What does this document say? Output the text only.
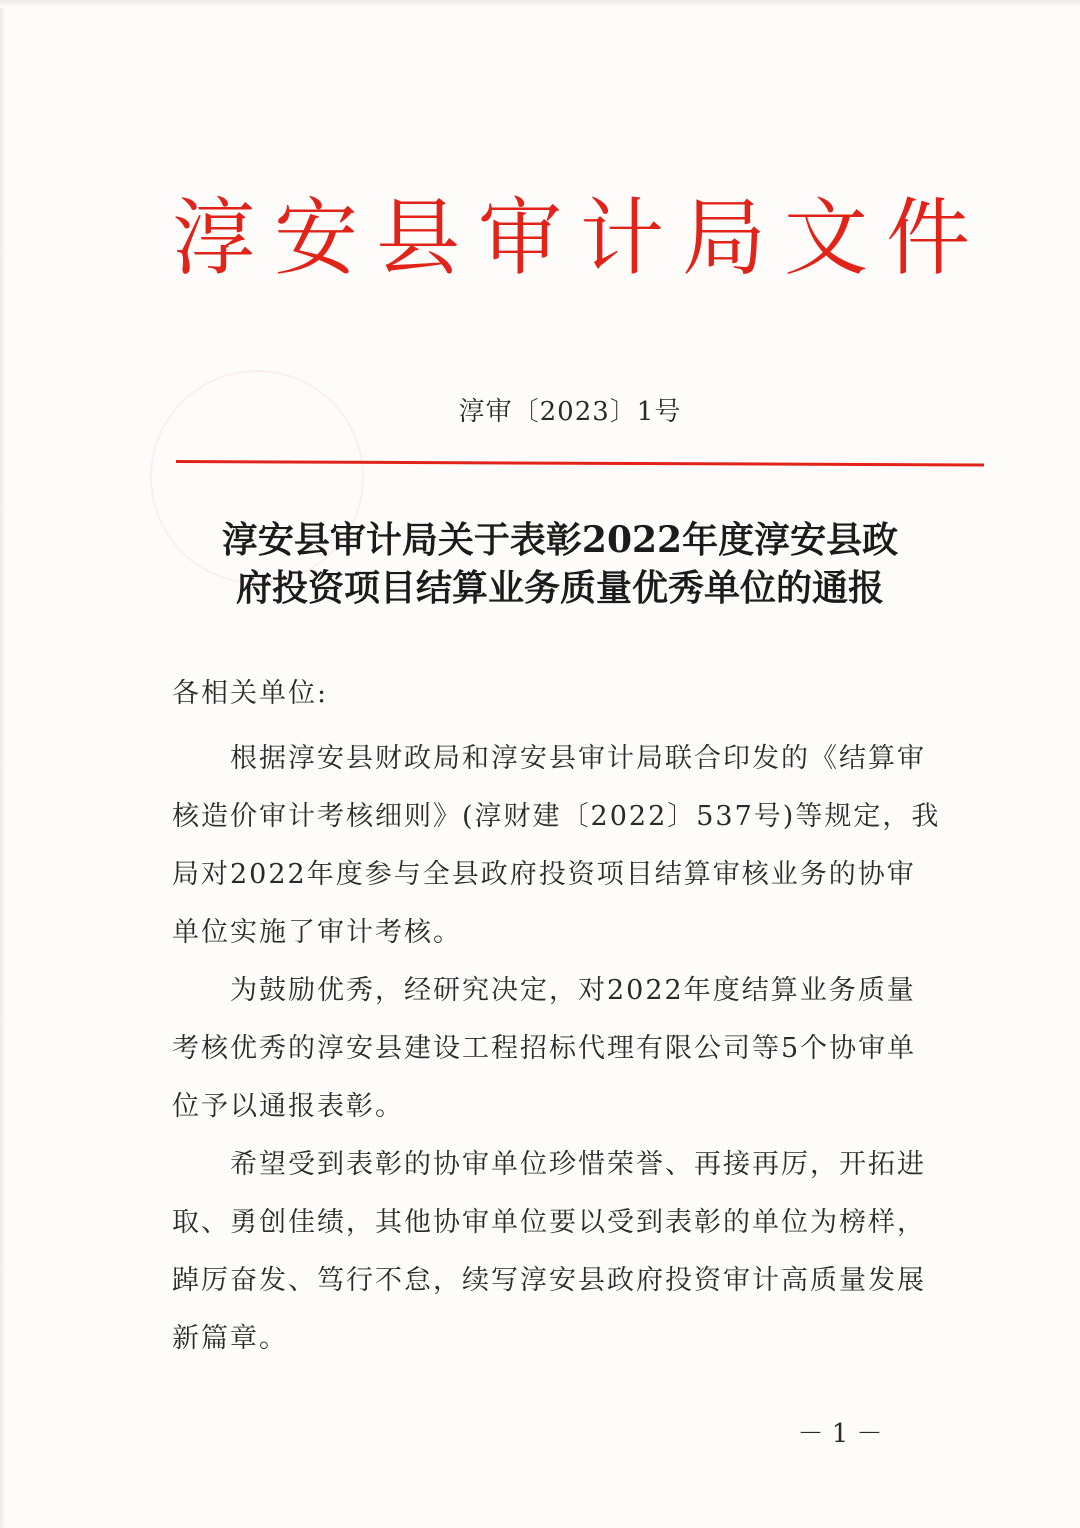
淳安县审计局文件
淳审〔2023〕1号
淳安县审计局关于表彰2022年度淳安县政
府投资项目结算业务质量优秀单位的通报
各相关单位:
根据淳安县财政局和淳安县审计局联合印发的《结算审
核造价审计考核细则》(淳财建〔2022〕537号)等规定，我
局对2022年度参与全县政府投资项目结算审核业务的协审
单位实施了审计考核。
为鼓励优秀，经研究决定，对2022年度结算业务质量
考核优秀的淳安县建设工程招标代理有限公司等5个协审单
位予以通报表彰。
希望受到表彰的协审单位珍惜荣誉、再接再厉，开拓进
取、勇创佳绩，其他协审单位要以受到表彰的单位为榜样，
踔厉奋发、笃行不怠，续写淳安县政府投资审计高质量发展
新篇章。
－ 1 －
